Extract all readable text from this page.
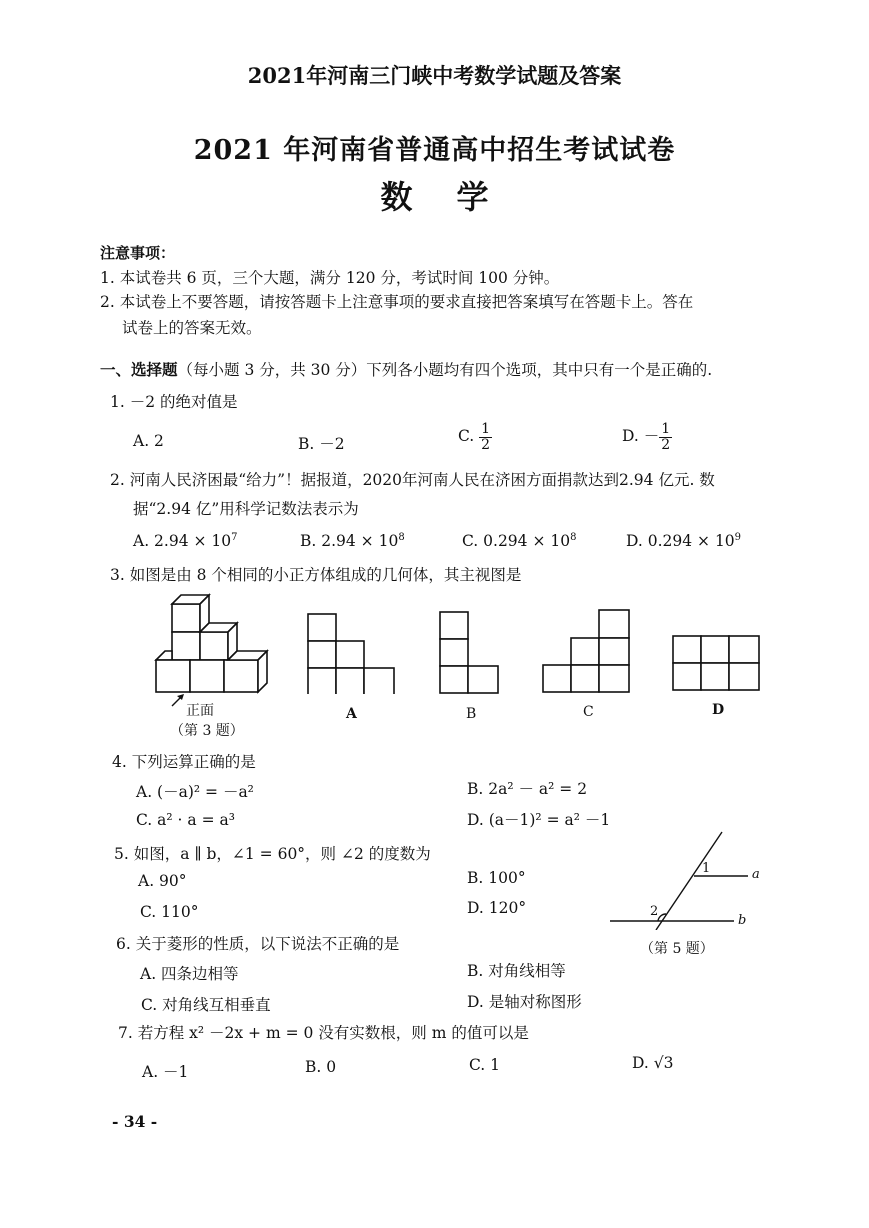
2021年河南三门峡中考数学试题及答案
2021 年河南省普通高中招生考试试卷
数学
注意事项：
1. 本试卷共 6 页，三个大题，满分 120 分，考试时间 100 分钟。
2. 本试卷上不要答题，请按答题卡上注意事项的要求直接把答案填写在答题卡上。答在
试卷上的答案无效。
一、选择题（每小题 3 分，共 30 分）下列各小题均有四个选项，其中只有一个是正确的.
1. －2 的绝对值是
A. 2	B. －2	C. $\frac{1}{2}$	D. － $\frac{1}{2}$
2. 河南人民济困最“给力”！据报道，2020年河南人民在济困方面捐款达到2.94 亿元. 数
据“2.94 亿”用科学记数法表示为
A. $2.94 \times 10^7$	B. $2.94 \times 10^8$	C. $0.294 \times 10^8$	D. $0.294 \times 10^9$
3. 如图是由 8 个相同的小正方体组成的几何体，其主视图是
正面
（第 3 题）
A	B	C	D
4. 下列运算正确的是
A. (－a)² = －a²	B. 2a² － a² = 2
C. a² · a = a³	D. (a－1)² = a² －1
5. 如图，a ∥ b，∠1 = 60°，则 ∠2 的度数为
A. 90°	B. 100°
C. 110°	D. 120°
1
2
a
b
（第 5 题）
6. 关于菱形的性质，以下说法不正确的是
A. 四条边相等	B. 对角线相等
C. 对角线互相垂直	D. 是轴对称图形
7. 若方程 x² －2x + m = 0 没有实数根，则 m 的值可以是
A. －1	B. 0	C. 1	D. √3
- 34 -
